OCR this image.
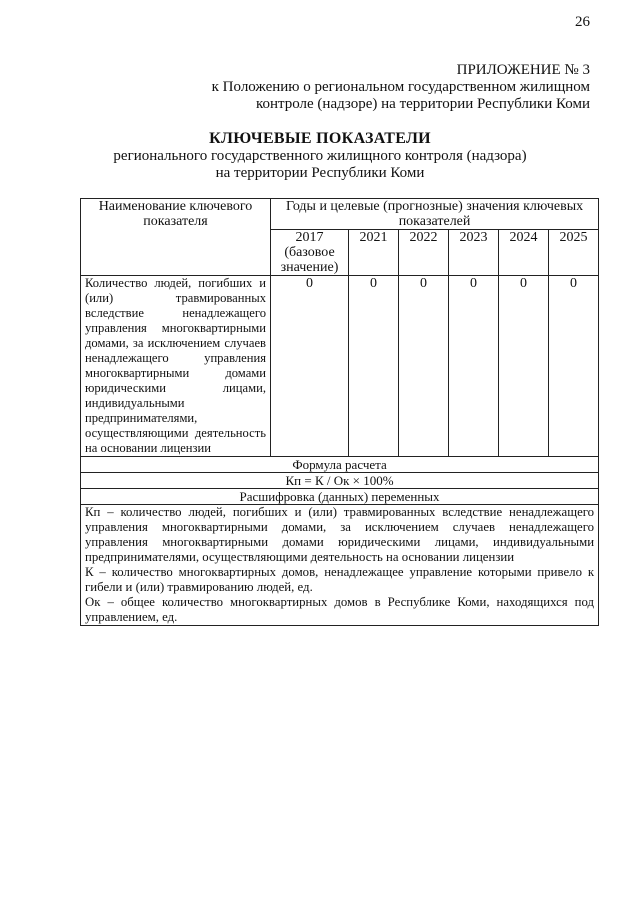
26
ПРИЛОЖЕНИЕ № 3
к Положению о региональном государственном жилищном
контроле (надзоре) на территории Республики Коми
КЛЮЧЕВЫЕ ПОКАЗАТЕЛИ
регионального государственного жилищного контроля (надзора)
на территории Республики Коми
Наименование ключевого показателя	Годы и целевые (прогнозные) значения ключевых показателей					
	2017 (базовое значение)	2021	2022	2023	2024	2025
Количество людей, погибших и (или) травмированных вследствие ненадлежащего управления многоквартирными домами, за исключением случаев ненадлежащего управления многоквартирными домами юридическими лицами, индивидуальными предпринимателями, осуществляющими деятельность на основании лицензии	0	0	0	0	0	0
Формула расчета						
Кп = К / Ок × 100%						
Расшифровка (данных) переменных						

Кп – количество людей, погибших и (или) травмированных вследствие ненадлежащего управления многоквартирными домами, за исключением случаев ненадлежащего управления многоквартирными домами юридическими лицами, индивидуальными предпринимателями, осуществляющими деятельность на основании лицензии

К – количество многоквартирных домов, ненадлежащее управление которыми привело к гибели и (или) травмированию людей, ед.

Ок – общее количество многоквартирных домов в Республике Коми, находящихся под управлением, ед.						
